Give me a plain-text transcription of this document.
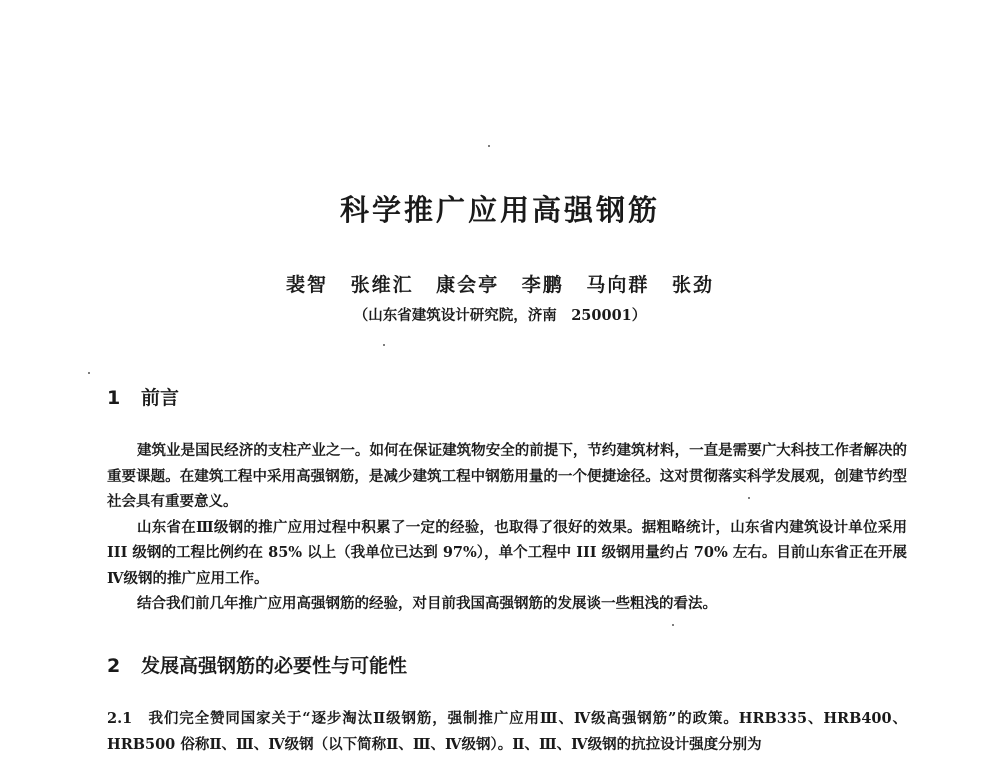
科学推广应用高强钢筋
裴智 张维汇 康会亭 李鹏 马向群 张劲
（山东省建筑设计研究院，济南　250001）
1 前言

建筑业是国民经济的支柱产业之一。如何在保证建筑物安全的前提下，节约建筑材料，一直是需要广大科技工作者解决的重要课题。在建筑工程中采用高强钢筋，是减少建筑工程中钢筋用量的一个便捷途径。这对贯彻落实科学发展观，创建节约型社会具有重要意义。

山东省在Ⅲ级钢的推广应用过程中积累了一定的经验，也取得了很好的效果。据粗略统计，山东省内建筑设计单位采用 III 级钢的工程比例约在 85% 以上（我单位已达到 97%），单个工程中 III 级钢用量约占 70% 左右。目前山东省正在开展Ⅳ级钢的推广应用工作。

结合我们前几年推广应用高强钢筋的经验，对目前我国高强钢筋的发展谈一些粗浅的看法。

2 发展高强钢筋的必要性与可能性

2.1　我们完全赞同国家关于“逐步淘汰Ⅱ级钢筋，强制推广应用Ⅲ、Ⅳ级高强钢筋”的政策。HRB335、HRB400、HRB500 俗称Ⅱ、Ⅲ、Ⅳ级钢（以下简称Ⅱ、Ⅲ、Ⅳ级钢）。Ⅱ、Ⅲ、Ⅳ级钢的抗拉设计强度分别为
